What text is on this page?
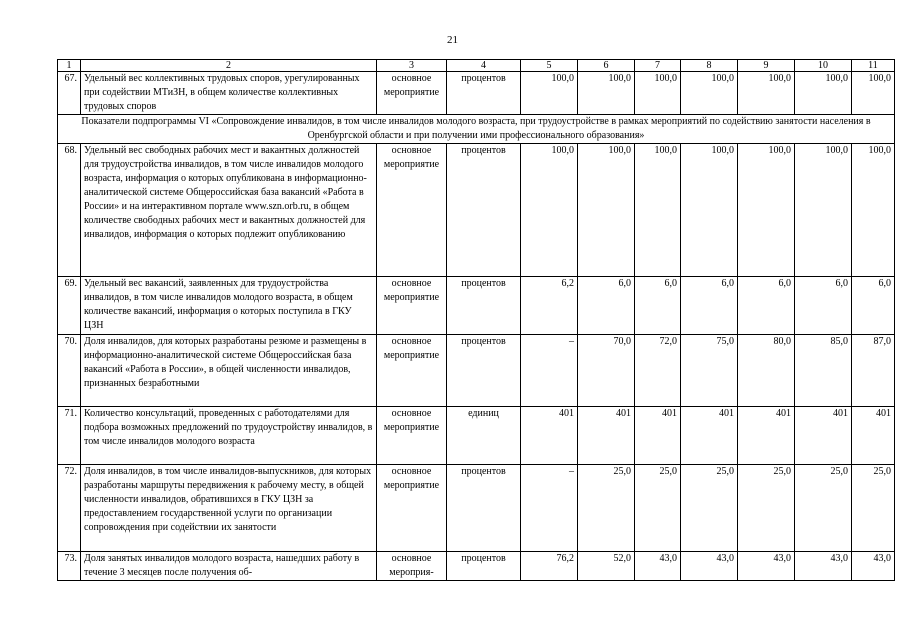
21
1	2	3	4	5	6	7	8	9	10	11
67.	Удельный вес коллективных трудовых споров, урегулированных при содействии МТиЗН, в общем количестве коллективных трудовых споров	основное мероприятие	процентов	100,0	100,0	100,0	100,0	100,0	100,0	100,0
Показатели подпрограммы VI «Сопровождение инвалидов, в том числе инвалидов молодого возраста, при трудоустройстве в рамках мероприятий по содействию занятости населения в Оренбургской области и при получении ими профессионального образования»										
68.	Удельный вес свободных рабочих мест и вакантных должностей для трудоустройства инвалидов, в том числе инвалидов молодого возраста, информация о которых опубликована в информационно-аналитической системе Общероссийская база вакансий «Работа в России» и на интерактивном портале www.szn.orb.ru, в общем количестве свободных рабочих мест и вакантных должностей для инвалидов, информация о которых подлежит опубликованию	основное мероприятие	процентов	100,0	100,0	100,0	100,0	100,0	100,0	100,0
69.	Удельный вес вакансий, заявленных для трудоустройства инвалидов, в том числе инвалидов молодого возраста, в общем количестве вакансий, информация о которых поступила в ГКУ ЦЗН	основное мероприятие	процентов	6,2	6,0	6,0	6,0	6,0	6,0	6,0
70.	Доля инвалидов, для которых разработаны резюме и размещены в информационно-аналитической системе Общероссийская база вакансий «Работа в России», в общей численности инвалидов, признанных безработными	основное мероприятие	процентов	–	70,0	72,0	75,0	80,0	85,0	87,0
71.	Количество консультаций, проведенных с работодателями для подбора возможных предложений по трудоустройству инвалидов, в том числе инвалидов молодого возраста	основное мероприятие	единиц	401	401	401	401	401	401	401
72.	Доля инвалидов, в том числе инвалидов-выпускников, для которых разработаны маршруты передвижения к рабочему месту, в общей численности инвалидов, обратившихся в ГКУ ЦЗН за предоставлением государственной услуги по организации сопровождения при содействии их занятости	основное мероприятие	процентов	–	25,0	25,0	25,0	25,0	25,0	25,0
73.	Доля занятых инвалидов молодого возраста, нашедших работу в течение 3 месяцев после получения об-	основное мероприя-	процентов	76,2	52,0	43,0	43,0	43,0	43,0	43,0
